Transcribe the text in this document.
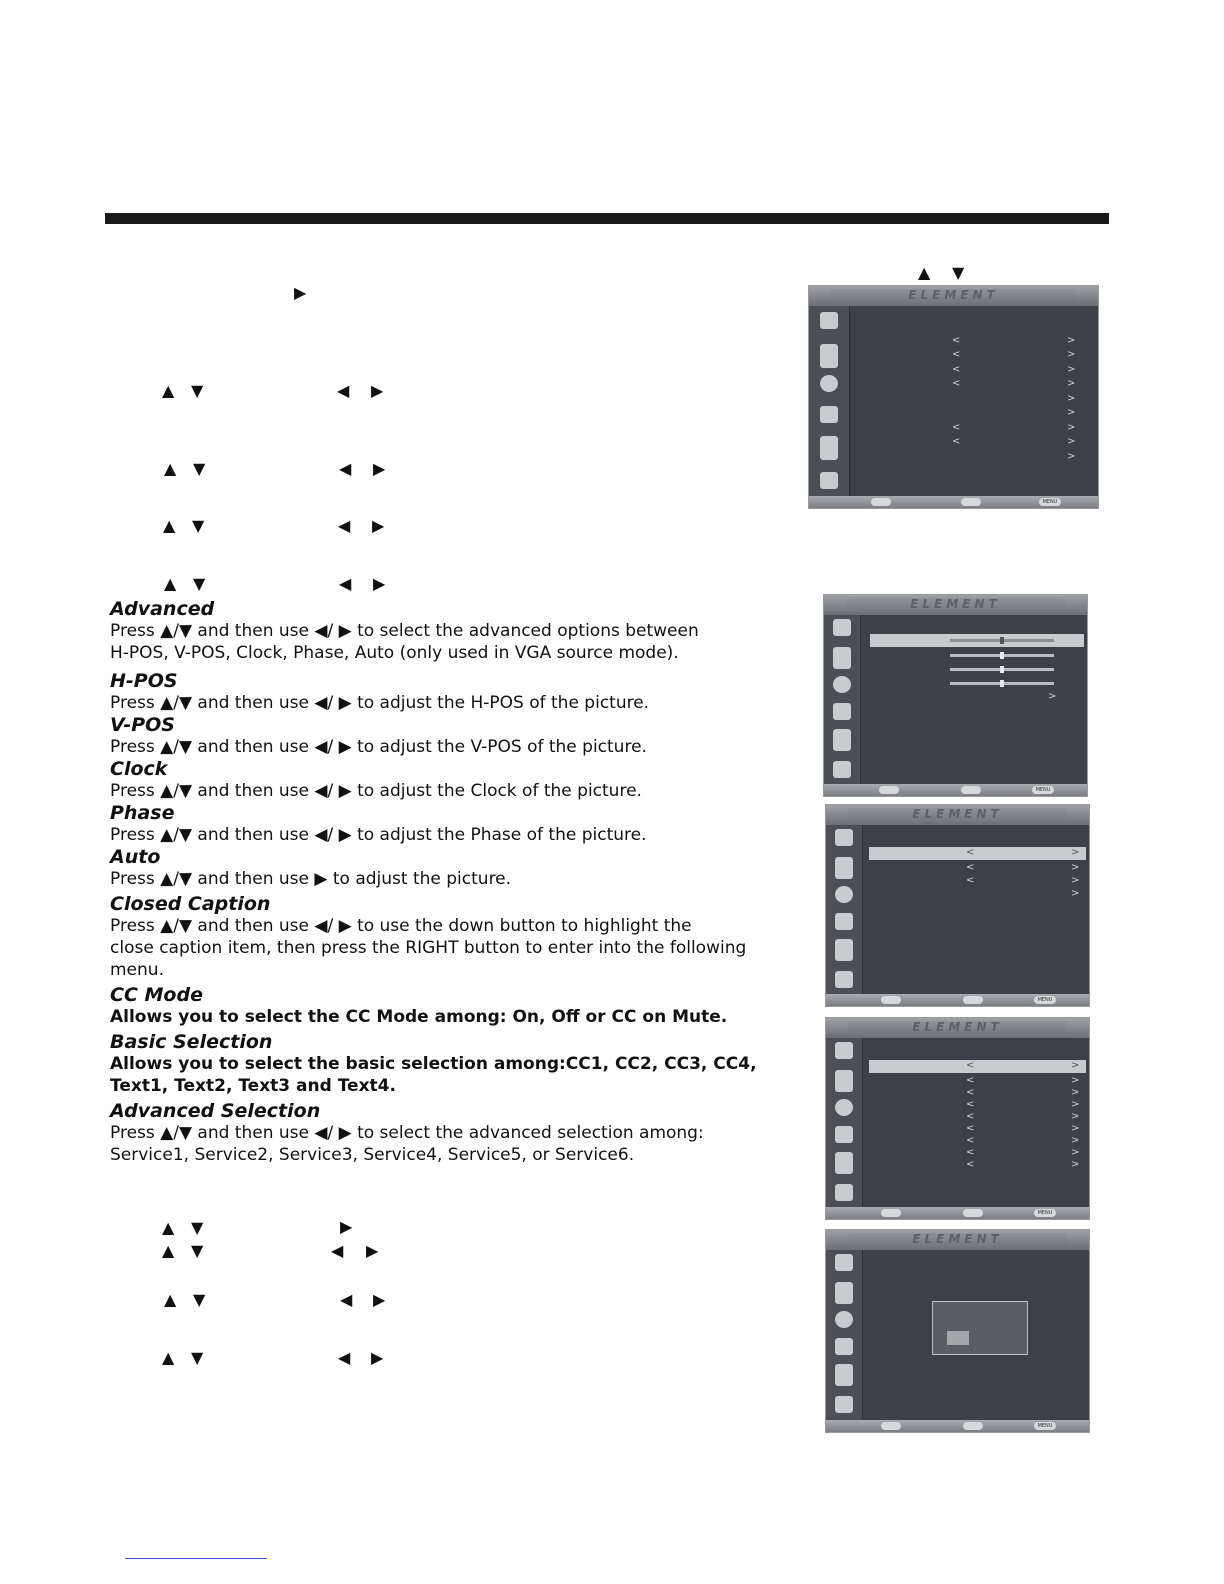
▲ ▼
▶
▲ ▼	◀ ▶
▲ ▼	◀ ▶
▲ ▼	◀ ▶
▲ ▼	◀ ▶
▲ ▼	▶
▲ ▼	◀ ▶
▲ ▼	◀ ▶
▲ ▼	◀ ▶

Advanced

Press ▲/▼ and then use ◀/ ▶ to select the advanced options between

H-POS, V-POS, Clock, Phase, Auto (only used in VGA source mode).

H-POS

Press ▲/▼ and then use ◀/ ▶ to adjust the H-POS of the picture.

V-POS

Press ▲/▼ and then use ◀/ ▶ to adjust the V-POS of the picture.

Clock

Press ▲/▼ and then use ◀/ ▶ to adjust the Clock of the picture.

Phase

Press ▲/▼ and then use ◀/ ▶ to adjust the Phase of the picture.

Auto

Press ▲/▼ and then use ▶ to adjust the picture.

Closed Caption

Press ▲/▼ and then use ◀/ ▶ to use the down button to highlight the

close caption item, then press the RIGHT button to enter into the following

menu.

CC Mode

Allows you to select the CC Mode among: On, Off or CC on Mute.

Basic Selection

Allows you to select the basic selection among:CC1, CC2, CC3, CC4,

Text1, Text2, Text3 and Text4.

Advanced Selection

Press ▲/▼ and then use ◀/ ▶ to select the advanced selection among:

Service1, Service2, Service3, Service4, Service5, or Service6.

ELEMENT
<
<
<
<
<
<
>
>
>
>
>
>
>
>
>
MENU
ELEMENT
>
MENU
ELEMENT
<	>
<	>
<	>
>
MENU
ELEMENT
<	>
<	>
<	>
<	>
<	>
<	>
<	>
<	>
<	>
MENU
ELEMENT
MENU
